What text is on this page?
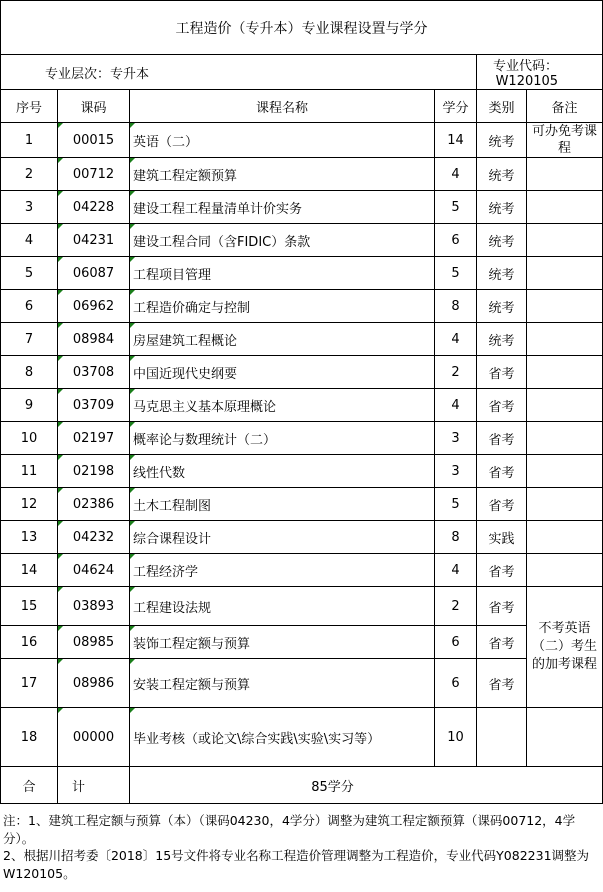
工程造价（专升本）专业课程设置与学分					
专业层次：专升本				专业代码：W120105	
序号	课码	课程名称	学分	类别	备注
1	00015	英语（二）	14	统考	可办免考课程
2	00712	建筑工程定额预算	4	统考	
3	04228	建设工程工程量清单计价实务	5	统考	
4	04231	建设工程合同（含FIDIC）条款	6	统考	
5	06087	工程项目管理	5	统考	
6	06962	工程造价确定与控制	8	统考	
7	08984	房屋建筑工程概论	4	统考	
8	03708	中国近现代史纲要	2	省考	
9	03709	马克思主义基本原理概论	4	省考	
10	02197	概率论与数理统计（二）	3	省考	
11	02198	线性代数	3	省考	
12	02386	土木工程制图	5	省考	
13	04232	综合课程设计	8	实践	
14	04624	工程经济学	4	省考	
15	03893	工程建设法规	2	省考	不考英语（二）考生的加考课程
16	08985	装饰工程定额与预算	6	省考	
17	08986	安装工程定额与预算	6	省考	
18	00000	毕业考核（或论文\综合实践\实验\实习等）	10		
合	计	85学分			
注：1、建筑工程定额与预算（本）（课码04230，4学分）调整为建筑工程定额预算（课码00712，4学分）。
2、根据川招考委〔2018〕15号文件将专业名称工程造价管理调整为工程造价，专业代码Y082231调整为W120105。
